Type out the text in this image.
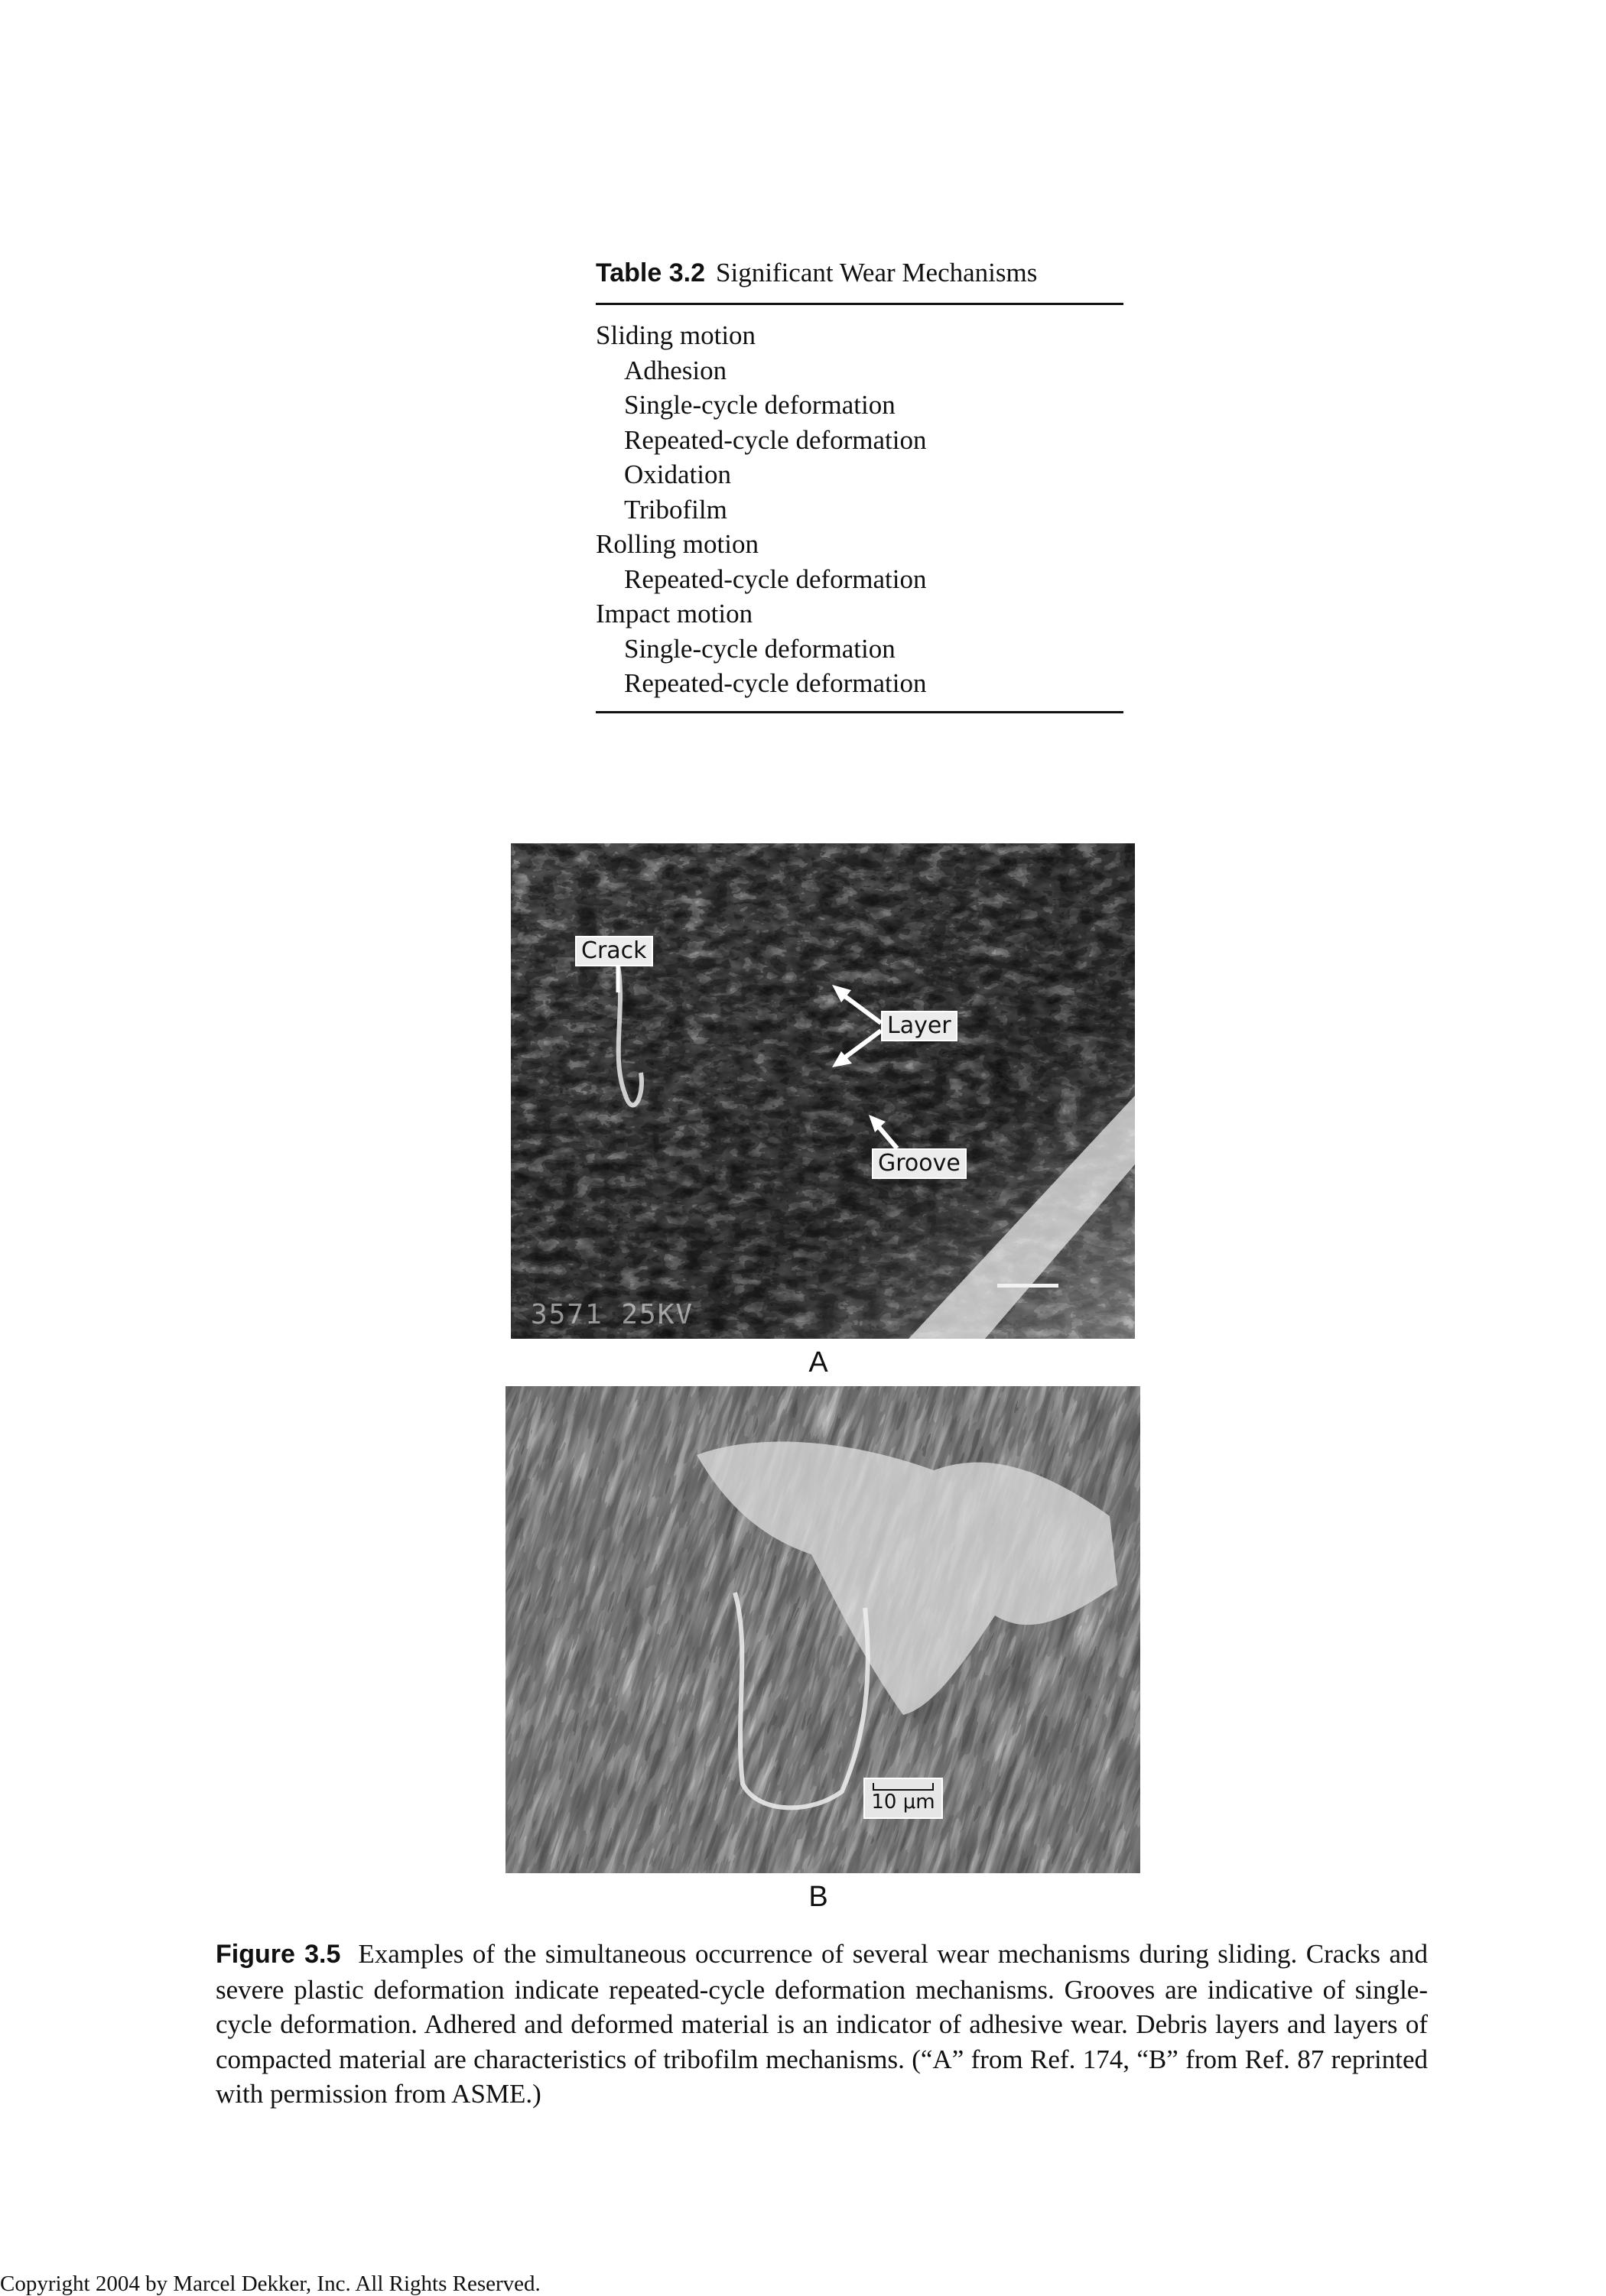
Table 3.2 Significant Wear Mechanisms
Sliding motion
Adhesion
Single-cycle deformation
Repeated-cycle deformation
Oxidation
Tribofilm
Rolling motion
Repeated-cycle deformation
Impact motion
Single-cycle deformation
Repeated-cycle deformation
Crack
Layer
Groove
3571 25KV
A
10 μm
B

Figure 3.5 Examples of the simultaneous occurrence of several wear mechanisms during sliding. Cracks and severe plastic deformation indicate repeated-cycle deformation mechanisms. Grooves are indicative of single-cycle deformation. Adhered and deformed material is an indicator of adhesive wear. Debris layers and layers of compacted material are characteristics of tribofilm mechanisms. (“A” from Ref. 174, “B” from Ref. 87 reprinted with permission from ASME.)

Copyright 2004 by Marcel Dekker, Inc. All Rights Reserved.
